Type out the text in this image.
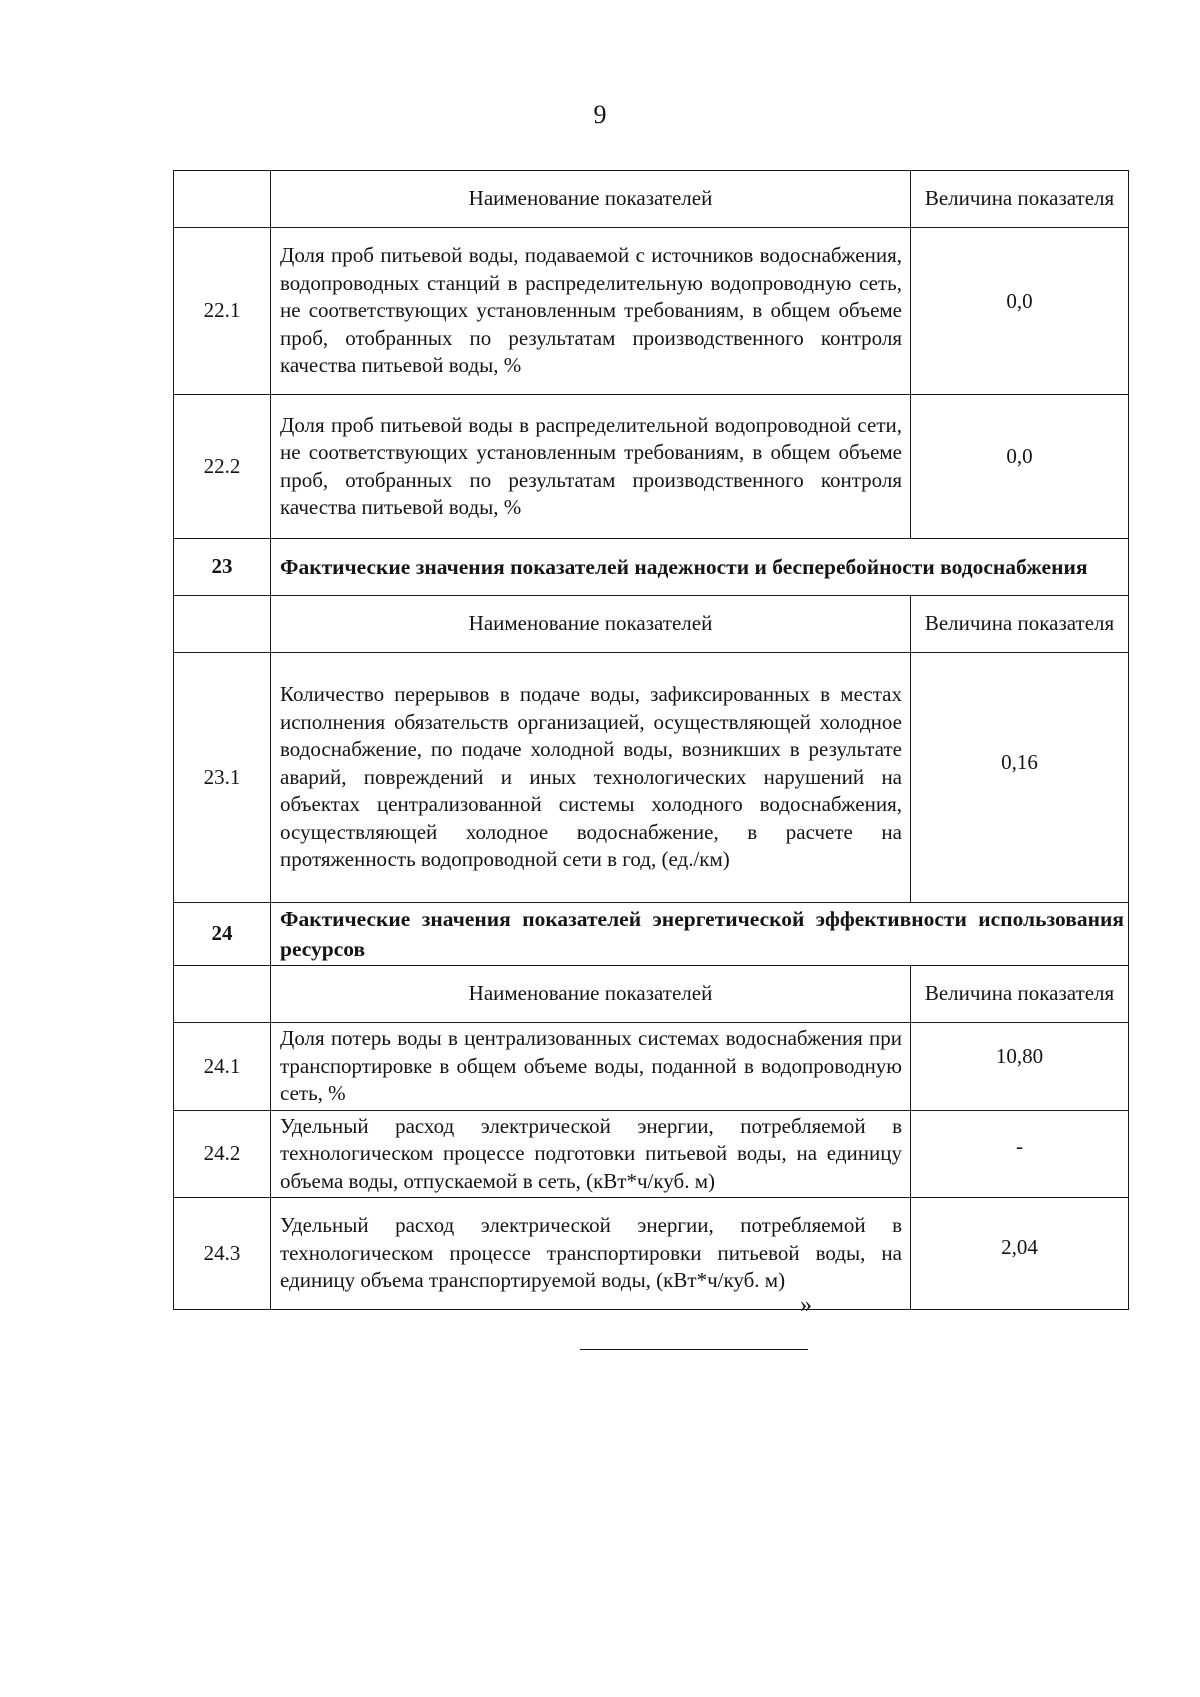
9
	Наименование показателей	Величина показателя
22.1	Доля проб питьевой воды, подаваемой с источников водоснабжения, водопроводных станций в распределительную водопроводную сеть, не соответствующих установленным требованиям, в общем объеме проб, отобранных по результатам производственного контроля качества питьевой воды, %	0,0

22.2	Доля проб питьевой воды в распределительной водопроводной сети, не соответствующих установленным требованиям, в общем объеме проб, отобранных по результатам производственного контроля качества питьевой воды, %	0,0

23	Фактические значения показателей надежности и бесперебойности водоснабжения	
	Наименование показателей	Величина показателя
23.1	Количество перерывов в подаче воды, зафиксированных в местах исполнения обязательств организацией, осуществляющей холодное водоснабжение, по подаче холодной воды, возникших в результате аварий, повреждений и иных технологических нарушений на объектах централизованной системы холодного водоснабжения, осуществляющей холодное водоснабжение, в расчете на протяженность водопроводной сети в год, (ед./км)	0,16

24	Фактические значения показателей энергетической эффективности использования ресурсов	
	Наименование показателей	Величина показателя
24.1	Доля потерь воды в централизованных системах водоснабжения при транспортировке в общем объеме воды, поданной в водопроводную сеть, %	10,80

24.2	Удельный расход электрической энергии, потребляемой в технологическом процессе подготовки питьевой воды, на единицу объема воды, отпускаемой в сеть, (кВт*ч/куб. м)	-

24.3	Удельный расход электрической энергии, потребляемой в технологическом процессе транспортировки питьевой воды, на единицу объема транспортируемой воды, (кВт*ч/куб. м)	2,04
»
